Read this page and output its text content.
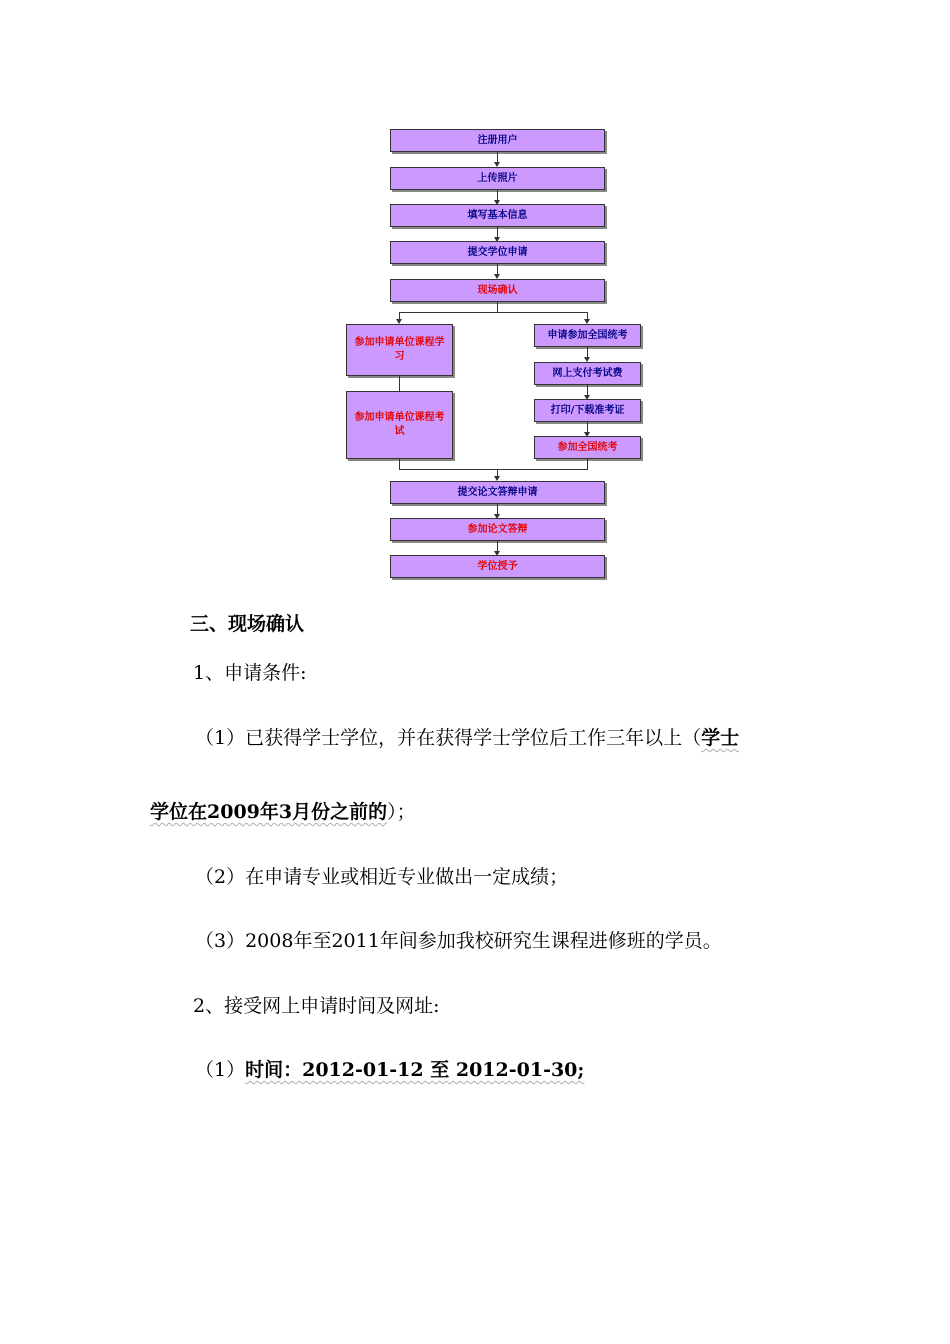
注册用户
上传照片
填写基本信息
提交学位申请
现场确认
参加申请单位课程学习
参加申请单位课程考试
申请参加全国统考
网上支付考试费
打印/下载准考证
参加全国统考
提交论文答辩申请
参加论文答辩
学位授予
三、现场确认
1、申请条件:
（1）已获得学士学位，并在获得学士学位后工作三年以上（学士
学位在2009年3月份之前的）；
（2）在申请专业或相近专业做出一定成绩；
（3）2008年至2011年间参加我校研究生课程进修班的学员。
2、接受网上申请时间及网址:
（1）时间：2012-01-12 至 2012-01-30;
